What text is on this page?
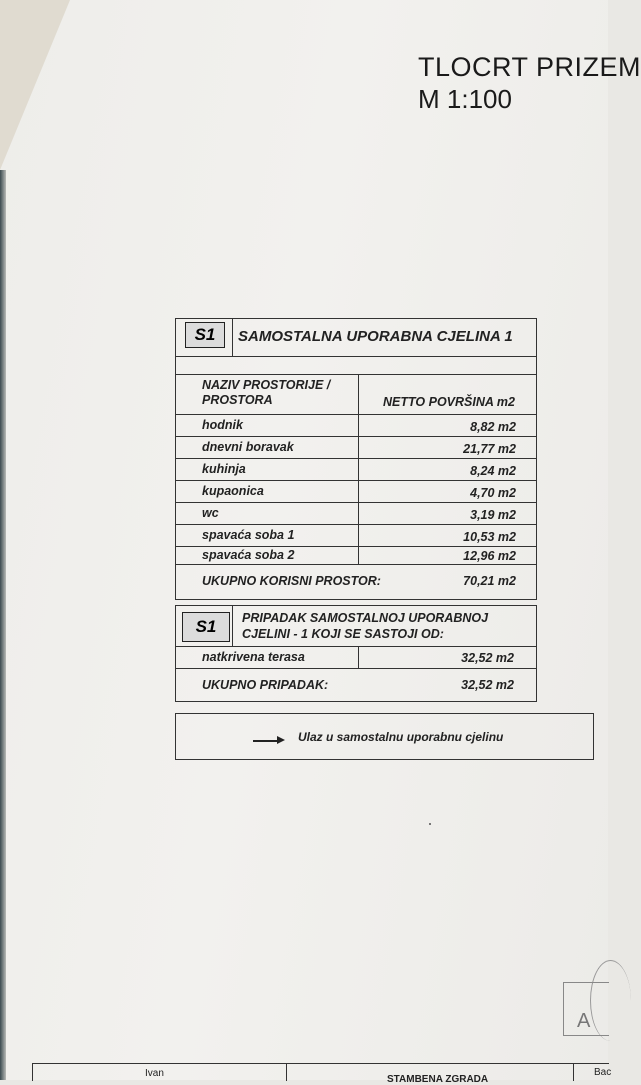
TLOCRT PRIZEM
M 1:100
S1	SAMOSTALNA UPORABNA CJELINA 1
NAZIV PROSTORIJE /
PROSTORA	NETTO POVRŠINA m2
hodnik	8,82 m2
dnevni boravak	21,77 m2
kuhinja	8,24 m2
kupaonica	4,70 m2
wc	3,19 m2
spavaća soba 1	10,53 m2
spavaća soba 2	12,96 m2
UKUPNO KORISNI PROSTOR:	70,21 m2
S1	PRIPADAK SAMOSTALNOJ UPORABNOJ
CJELINI - 1 KOJI SE SASTOJI OD:
natkrivena terasa	32,52 m2
UKUPNO PRIPADAK:	32,52 m2
Ulaz u samostalnu uporabnu cjelinu
A
Ivan
STAMBENA ZGRADA
Bac
